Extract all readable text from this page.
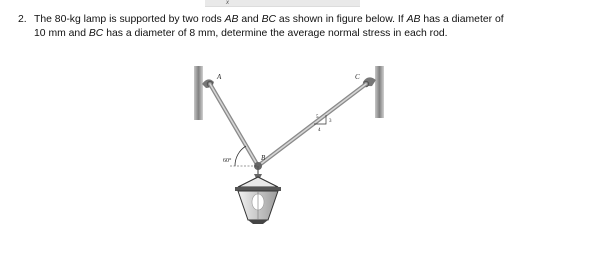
x
2. The 80-kg lamp is supported by two rods AB and BC as shown in figure below. If AB has a diameter of
10 mm and BC has a diameter of 8 mm, determine the average normal stress in each rod.
A
B
C
60°
5
3
4
